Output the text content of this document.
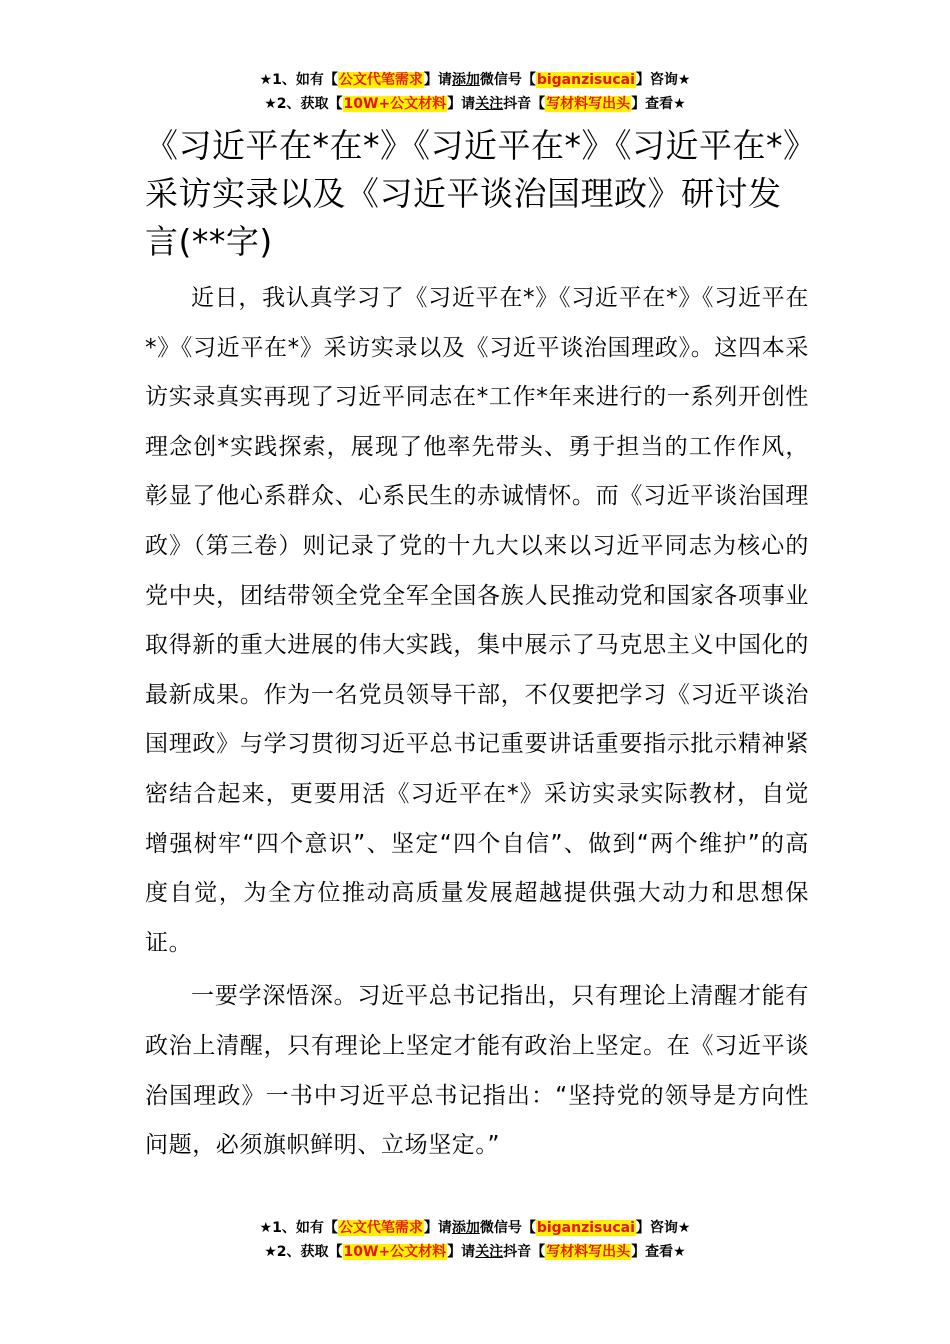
★1、如有【公文代笔需求】请添加微信号【biganzisucai】咨询★
★2、获取【10W+公文材料】请关注抖音【写材料写出头】查看★
《习近平在*在*》《习近平在*》《习近平在*》采访实录以及《习近平谈治国理政》研讨发言(**字)

近日，我认真学习了《习近平在*》《习近平在*》《习近平在*》《习近平在*》采访实录以及《习近平谈治国理政》。这四本采访实录真实再现了习近平同志在*工作*年来进行的一系列开创性理念创*实践探索，展现了他率先带头、勇于担当的工作作风，彰显了他心系群众、心系民生的赤诚情怀。而《习近平谈治国理政》（第三卷）则记录了党的十九大以来以习近平同志为核心的党中央，团结带领全党全军全国各族人民推动党和国家各项事业取得新的重大进展的伟大实践，集中展示了马克思主义中国化的最新成果。作为一名党员领导干部，不仅要把学习《习近平谈治国理政》与学习贯彻习近平总书记重要讲话重要指示批示精神紧密结合起来，更要用活《习近平在*》采访实录实际教材，自觉增强树牢“四个意识”、坚定“四个自信”、做到“两个维护”的高度自觉，为全方位推动高质量发展超越提供强大动力和思想保证。

一要学深悟深。习近平总书记指出，只有理论上清醒才能有政治上清醒，只有理论上坚定才能有政治上坚定。在《习近平谈治国理政》一书中习近平总书记指出：“坚持党的领导是方向性问题，必须旗帜鲜明、立场坚定。”

★1、如有【公文代笔需求】请添加微信号【biganzisucai】咨询★
★2、获取【10W+公文材料】请关注抖音【写材料写出头】查看★
